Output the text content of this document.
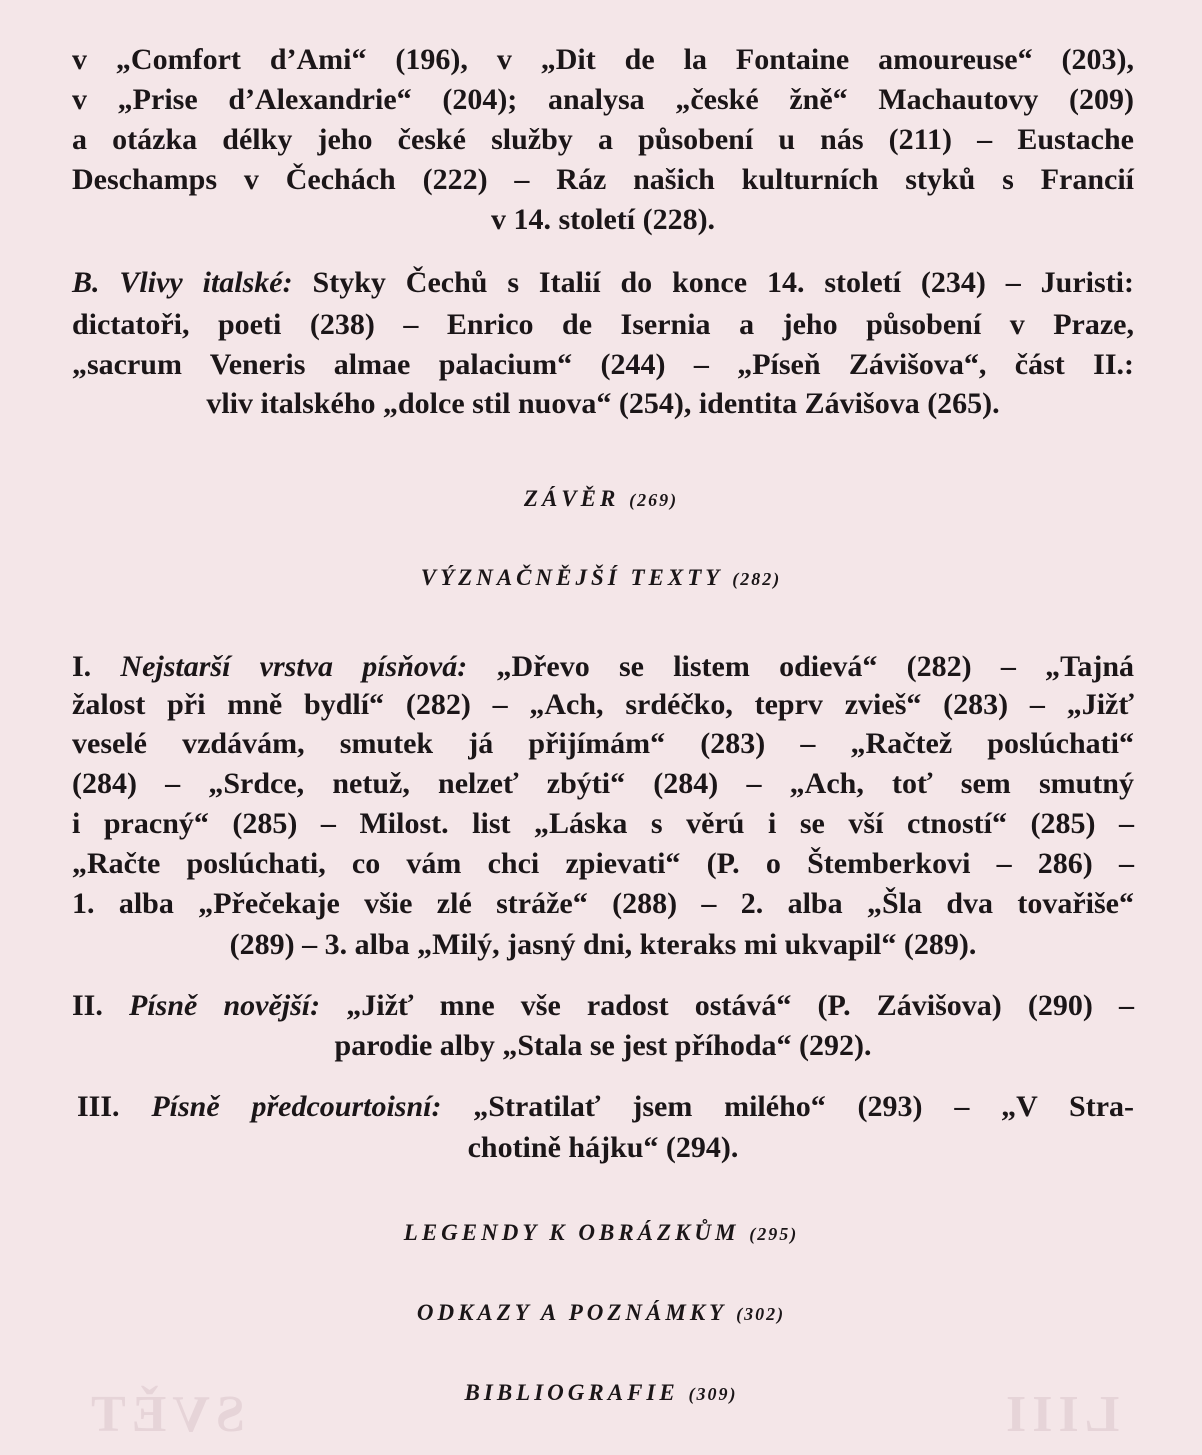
SVĚT	LIII
v „Comfort d’Ami“ (196), v „Dit de la Fontaine amoureuse“ (203),
v „Prise d’Alexandrie“ (204); analysa „české žně“ Machautovy (209)
a otázka délky jeho české služby a působení u nás (211) – Eustache
Deschamps v Čechách (222) – Ráz našich kulturních styků s Francií
v 14. století (228).
B. Vlivy italské: Styky Čechů s Italií do konce 14. století (234) – Juristi:
dictatoři, poeti (238) – Enrico de Isernia a jeho působení v Praze,
„sacrum Veneris almae palacium“ (244) – „Píseň Závišova“, část II.:
vliv italského „dolce stil nuova“ (254), identita Závišova (265).
ZÁVĚR (269)
VÝZNAČNĚJŠÍ TEXTY (282)
I. Nejstarší vrstva písňová: „Dřevo se listem odievá“ (282) – „Tajná
žalost při mně bydlí“ (282) – „Ach, srdéčko, teprv zvieš“ (283) – „Jižť
veselé vzdávám, smutek já přijímám“ (283) – „Račtež poslúchati“
(284) – „Srdce, netuž, nelzeť zbýti“ (284) – „Ach, toť sem smutný
i pracný“ (285) – Milost. list „Láska s věrú i se vší ctností“ (285) –
„Račte poslúchati, co vám chci zpievati“ (P. o Štemberkovi – 286) –
1. alba „Přečekaje všie zlé stráže“ (288) – 2. alba „Šla dva tovařiše“
(289) – 3. alba „Milý, jasný dni, kteraks mi ukvapil“ (289).
II. Písně novější: „Jižť mne vše radost ostává“ (P. Závišova) (290) –
parodie alby „Stala se jest příhoda“ (292).
III. Písně předcourtoisní: „Stratilať jsem milého“ (293) – „V Stra-
chotině hájku“ (294).
LEGENDY K OBRÁZKŮM (295)
ODKAZY A POZNÁMKY (302)
BIBLIOGRAFIE (309)
